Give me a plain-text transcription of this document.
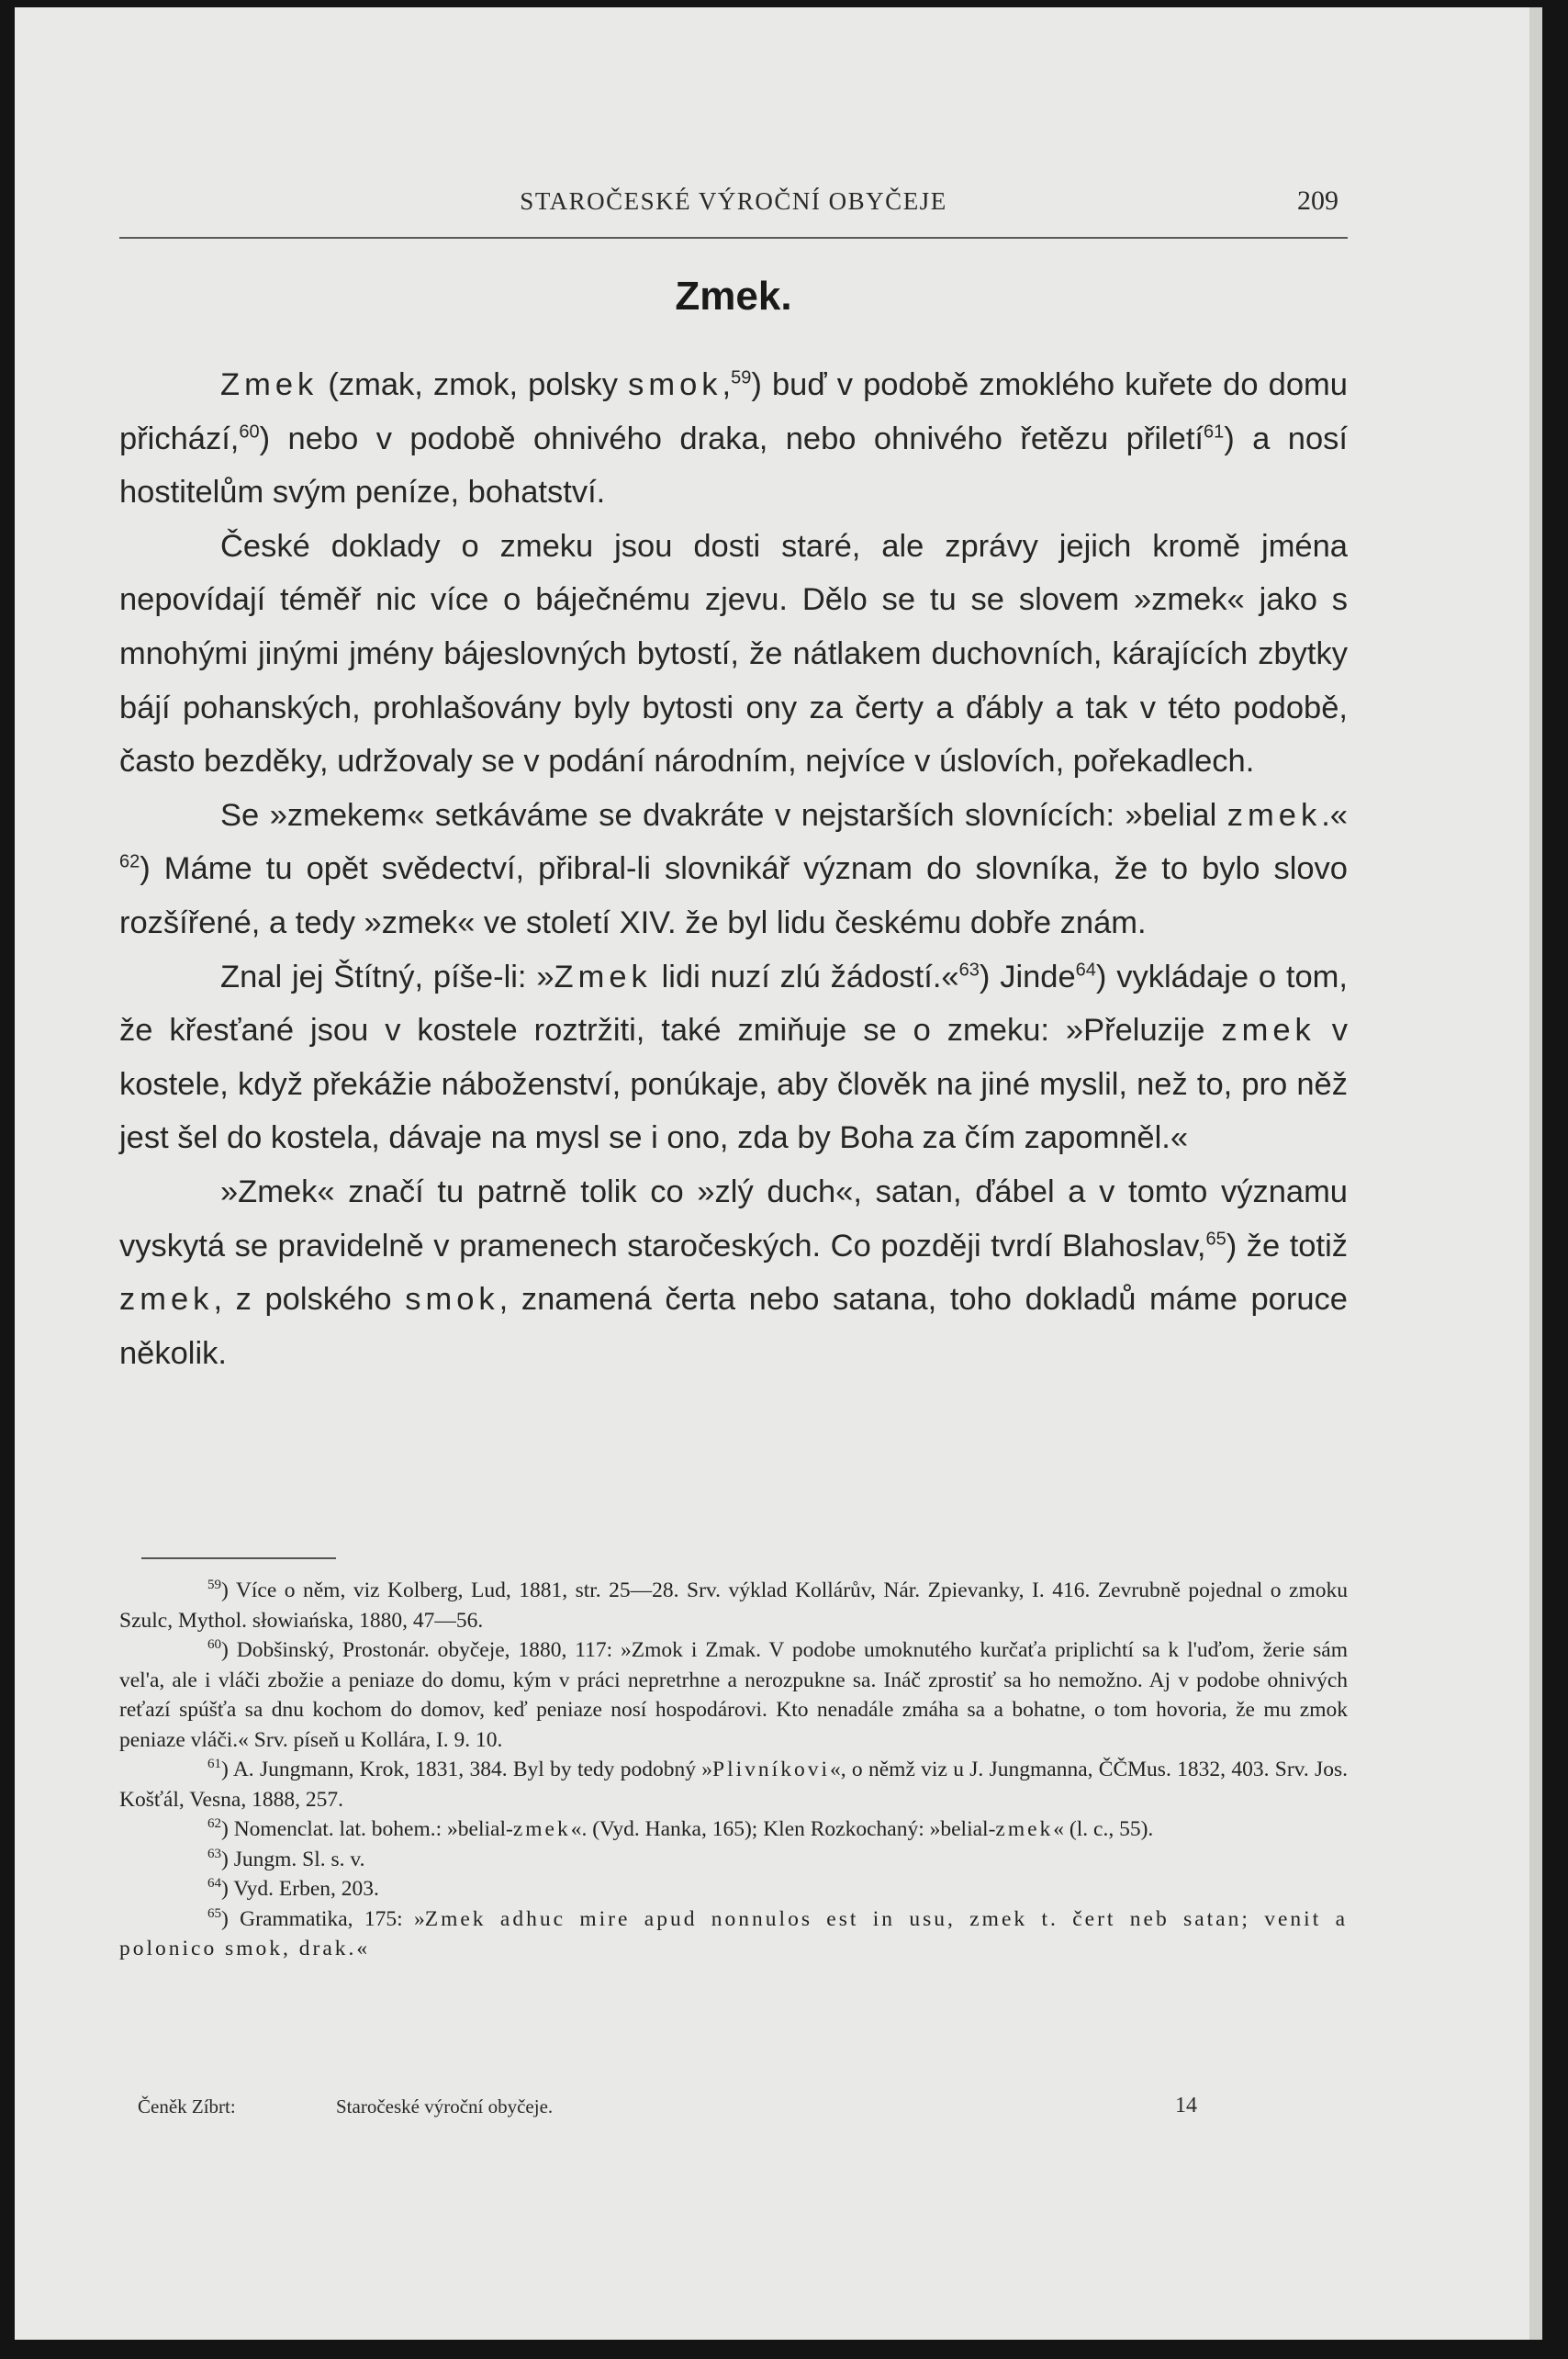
STAROČESKÉ VÝROČNÍ OBYČEJE	209
Zmek.

Zmek (zmak, zmok, polsky smok,$^{59}$) buď v podobě zmoklého kuřete do domu přichází,$^{60}$) nebo v podobě ohnivého draka, nebo ohnivého řetězu přiletí$^{61}$) a nosí hostitelům svým peníze, bohatství.

České doklady o zmeku jsou dosti staré, ale zprávy jejich kromě jména nepovídají téměř nic více o báječnému zjevu. Dělo se tu se slovem »zmek« jako s mnohými jinými jmény bájeslovných bytostí, že nátlakem duchovních, kárajících zbytky bájí pohanských, prohlašovány byly bytosti ony za čerty a ďábly a tak v této podobě, často bezděky, udržovaly se v podání národním, nejvíce v úslovích, pořekadlech.

Se »zmekem« setkáváme se dvakráte v nejstarších slovnících: »belial zmek.« $^{62}$) Máme tu opět svědectví, přibral-li slovnikář význam do slovníka, že to bylo slovo rozšířené, a tedy »zmek« ve století XIV. že byl lidu českému dobře znám.

Znal jej Štítný, píše-li: »Zmek lidi nuzí zlú žádostí.«$^{63}$) Jinde$^{64}$) vykládaje o tom, že křesťané jsou v kostele roztržiti, také zmiňuje se o zmeku: »Přeluzije zmek v kostele, když překážie náboženství, ponúkaje, aby člověk na jiné myslil, než to, pro něž jest šel do kostela, dávaje na mysl se i ono, zda by Boha za čím zapomněl.«

»Zmek« značí tu patrně tolik co »zlý duch«, satan, ďábel a v tomto významu vyskytá se pravidelně v pramenech staročeských. Co později tvrdí Blahoslav,$^{65}$) že totiž zmek, z polského smok, znamená čerta nebo satana, toho dokladů máme poruce několik.

$^{59}$) Více o něm, viz Kolberg, Lud, 1881, str. 25—28. Srv. výklad Kollárův, Nár. Zpievanky, I. 416. Zevrubně pojednal o zmoku Szulc, Mythol. słowiańska, 1880, 47—56.

$^{60}$) Dobšinský, Prostonár. obyčeje, 1880, 117: »Zmok i Zmak. V podobe umoknutého kurčaťa priplichtí sa k l'uďom, žerie sám vel'a, ale i vláči zbožie a peniaze do domu, kým v práci nepretrhne a nerozpukne sa. Ináč zprostiť sa ho nemožno. Aj v podobe ohnivých reťazí spúšťa sa dnu kochom do domov, keď peniaze nosí hospodárovi. Kto nenadále zmáha sa a bohatne, o tom hovoria, že mu zmok peniaze vláči.« Srv. píseň u Kollára, I. 9. 10.

$^{61}$) A. Jungmann, Krok, 1831, 384. Byl by tedy podobný »Plivníkovi«, o němž viz u J. Jungmanna, ČČMus. 1832, 403. Srv. Jos. Košťál, Vesna, 1888, 257.

$^{62}$) Nomenclat. lat. bohem.: »belial-zmek«. (Vyd. Hanka, 165); Klen Rozkochaný: »belial-zmek« (l. c., 55).

$^{63}$) Jungm. Sl. s. v.

$^{64}$) Vyd. Erben, 203.

$^{65}$) Grammatika, 175: »Zmek adhuc mire apud nonnulos est in usu, zmek t. čert neb satan; venit a polonico smok, drak.«

Čeněk Zíbrt:	Staročeské výroční obyčeje.	14
